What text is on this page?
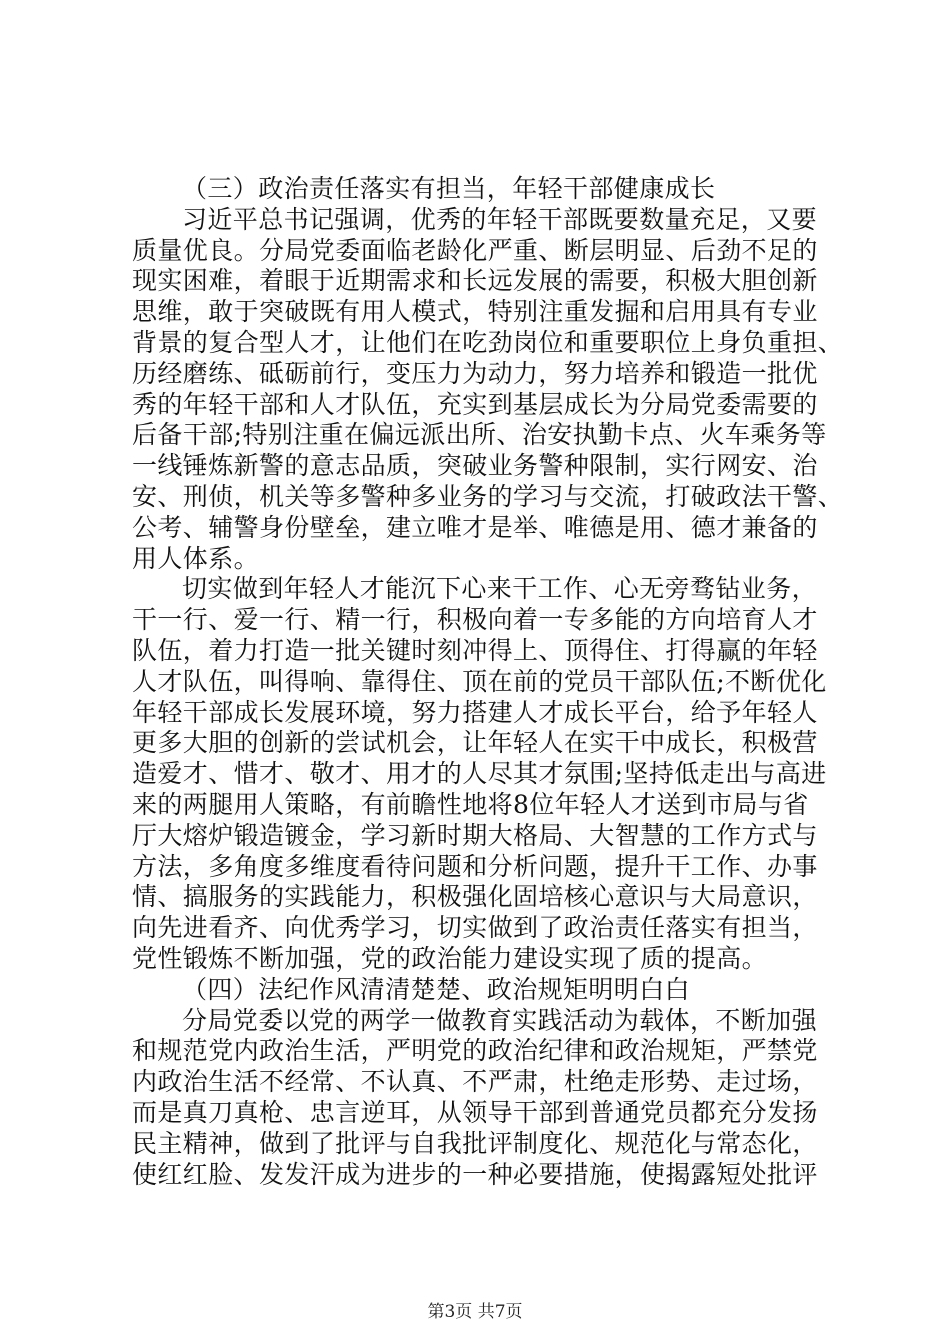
（三）政治责任落实有担当，年轻干部健康成长
习近平总书记强调，优秀的年轻干部既要数量充足，又要
质量优良。分局党委面临老龄化严重、断层明显、后劲不足的
现实困难，着眼于近期需求和长远发展的需要，积极大胆创新
思维，敢于突破既有用人模式，特别注重发掘和启用具有专业
背景的复合型人才，让他们在吃劲岗位和重要职位上身负重担、
历经磨练、砥砺前行，变压力为动力，努力培养和锻造一批优
秀的年轻干部和人才队伍，充实到基层成长为分局党委需要的
后备干部;特别注重在偏远派出所、治安执勤卡点、火车乘务等
一线锤炼新警的意志品质，突破业务警种限制，实行网安、治
安、刑侦，机关等多警种多业务的学习与交流，打破政法干警、
公考、辅警身份壁垒，建立唯才是举、唯德是用、德才兼备的
用人体系。
切实做到年轻人才能沉下心来干工作、心无旁骛钻业务，
干一行、爱一行、精一行，积极向着一专多能的方向培育人才
队伍，着力打造一批关键时刻冲得上、顶得住、打得赢的年轻
人才队伍，叫得响、靠得住、顶在前的党员干部队伍;不断优化
年轻干部成长发展环境，努力搭建人才成长平台，给予年轻人
更多大胆的创新的尝试机会，让年轻人在实干中成长，积极营
造爱才、惜才、敬才、用才的人尽其才氛围;坚持低走出与高进
来的两腿用人策略，有前瞻性地将8位年轻人才送到市局与省
厅大熔炉锻造镀金，学习新时期大格局、大智慧的工作方式与
方法，多角度多维度看待问题和分析问题，提升干工作、办事
情、搞服务的实践能力，积极强化固培核心意识与大局意识，
向先进看齐、向优秀学习，切实做到了政治责任落实有担当，
党性锻炼不断加强，党的政治能力建设实现了质的提高。
（四）法纪作风清清楚楚、政治规矩明明白白
分局党委以党的两学一做教育实践活动为载体，不断加强
和规范党内政治生活，严明党的政治纪律和政治规矩，严禁党
内政治生活不经常、不认真、不严肃，杜绝走形势、走过场，
而是真刀真枪、忠言逆耳，从领导干部到普通党员都充分发扬
民主精神，做到了批评与自我批评制度化、规范化与常态化，
使红红脸、发发汗成为进步的一种必要措施，使揭露短处批评
第3页 共7页
